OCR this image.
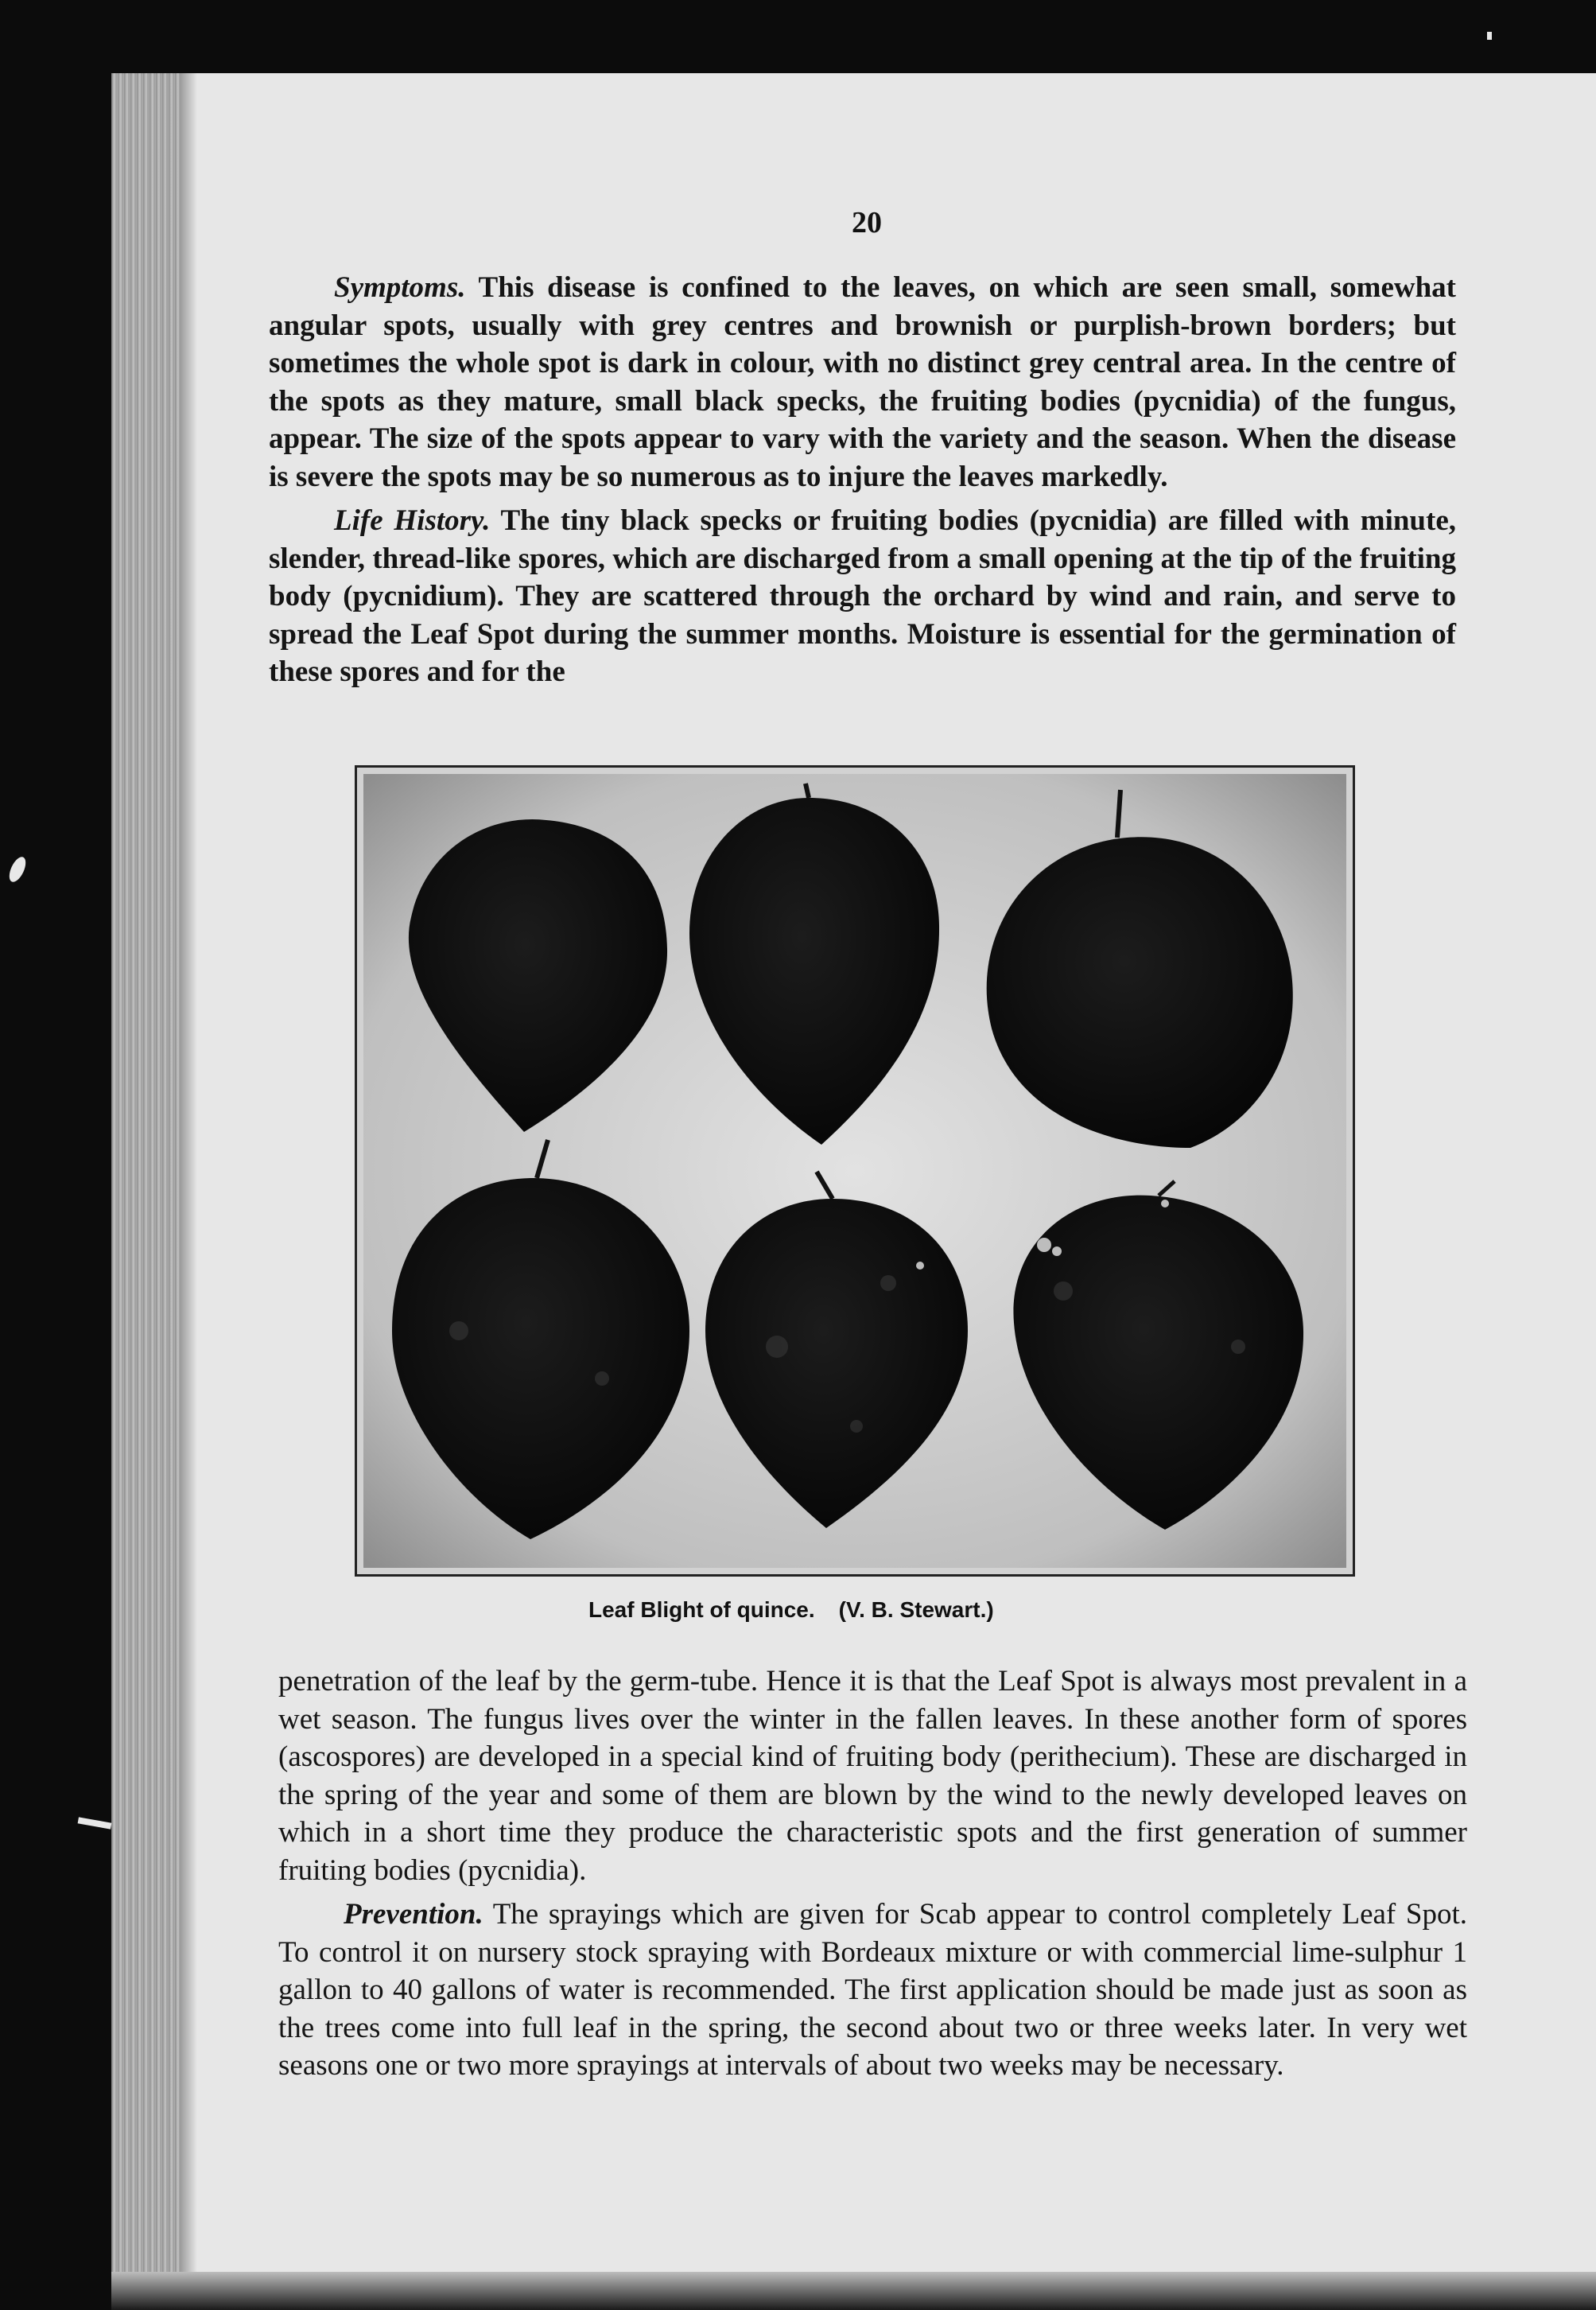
20

Symptoms. This disease is confined to the leaves, on which are seen small, somewhat angular spots, usually with grey centres and brownish or purplish-brown borders; but sometimes the whole spot is dark in colour, with no distinct grey central area. In the centre of the spots as they mature, small black specks, the fruiting bodies (pycnidia) of the fungus, appear. The size of the spots appear to vary with the variety and the season. When the disease is severe the spots may be so numerous as to injure the leaves markedly.

Life History. The tiny black specks or fruiting bodies (pycnidia) are filled with minute, slender, thread-like spores, which are discharged from a small opening at the tip of the fruiting body (pycnidium). They are scattered through the orchard by wind and rain, and serve to spread the Leaf Spot during the summer months. Moisture is essential for the germination of these spores and for the

Leaf Blight of quince. (V. B. Stewart.)

penetration of the leaf by the germ-tube. Hence it is that the Leaf Spot is always most prevalent in a wet season. The fungus lives over the winter in the fallen leaves. In these another form of spores (ascospores) are developed in a special kind of fruiting body (perithecium). These are discharged in the spring of the year and some of them are blown by the wind to the newly developed leaves on which in a short time they produce the characteristic spots and the first generation of summer fruiting bodies (pycnidia).

Prevention. The sprayings which are given for Scab appear to control completely Leaf Spot. To control it on nursery stock spraying with Bordeaux mixture or with commercial lime-sulphur 1 gallon to 40 gallons of water is recommended. The first application should be made just as soon as the trees come into full leaf in the spring, the second about two or three weeks later. In very wet seasons one or two more sprayings at intervals of about two weeks may be necessary.
